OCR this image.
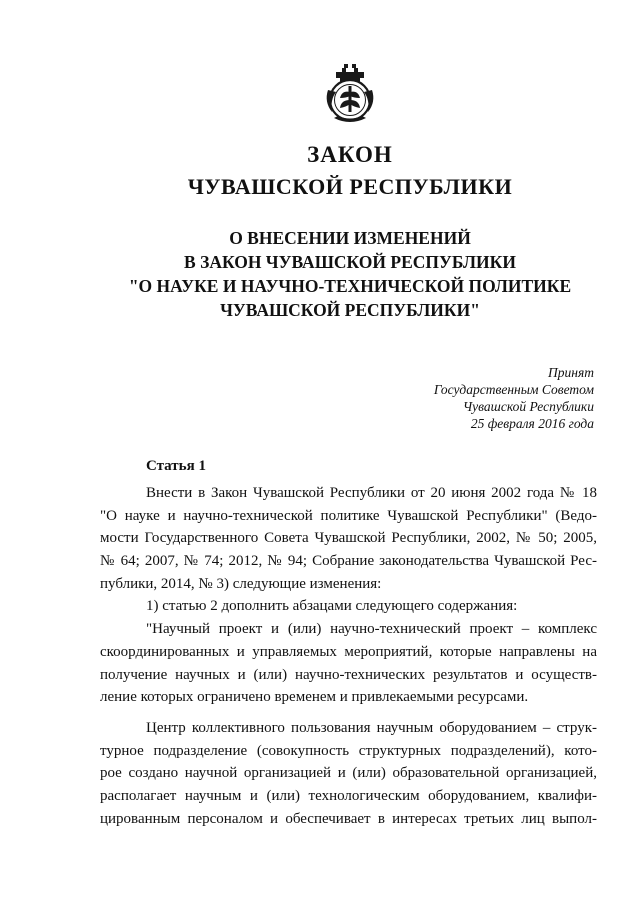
ЗАКОН
ЧУВАШСКОЙ РЕСПУБЛИКИ
О ВНЕСЕНИИ ИЗМЕНЕНИЙ
В ЗАКОН ЧУВАШСКОЙ РЕСПУБЛИКИ
"О НАУКЕ И НАУЧНО-ТЕХНИЧЕСКОЙ ПОЛИТИКЕ
ЧУВАШСКОЙ РЕСПУБЛИКИ"
Принят
Государственным Советом
Чувашской Республики
25 февраля 2016 года
Статья 1
Внести в Закон Чувашской Республики от 20 июня 2002 года № 18
"О науке и научно-технической политике Чувашской Республики" (Ведо-
мости Государственного Совета Чувашской Республики, 2002, № 50; 2005,
№ 64; 2007, № 74; 2012, № 94; Собрание законодательства Чувашской Рес-
публики, 2014, № 3) следующие изменения:
1) статью 2 дополнить абзацами следующего содержания:
"Научный проект и (или) научно-технический проект – комплекс
скоординированных и управляемых мероприятий, которые направлены на
получение научных и (или) научно-технических результатов и осуществ-
ление которых ограничено временем и привлекаемыми ресурсами.
Центр коллективного пользования научным оборудованием – струк-
турное подразделение (совокупность структурных подразделений), кото-
рое создано научной организацией и (или) образовательной организацией,
располагает научным и (или) технологическим оборудованием, квалифи-
цированным персоналом и обеспечивает в интересах третьих лиц выпол-
